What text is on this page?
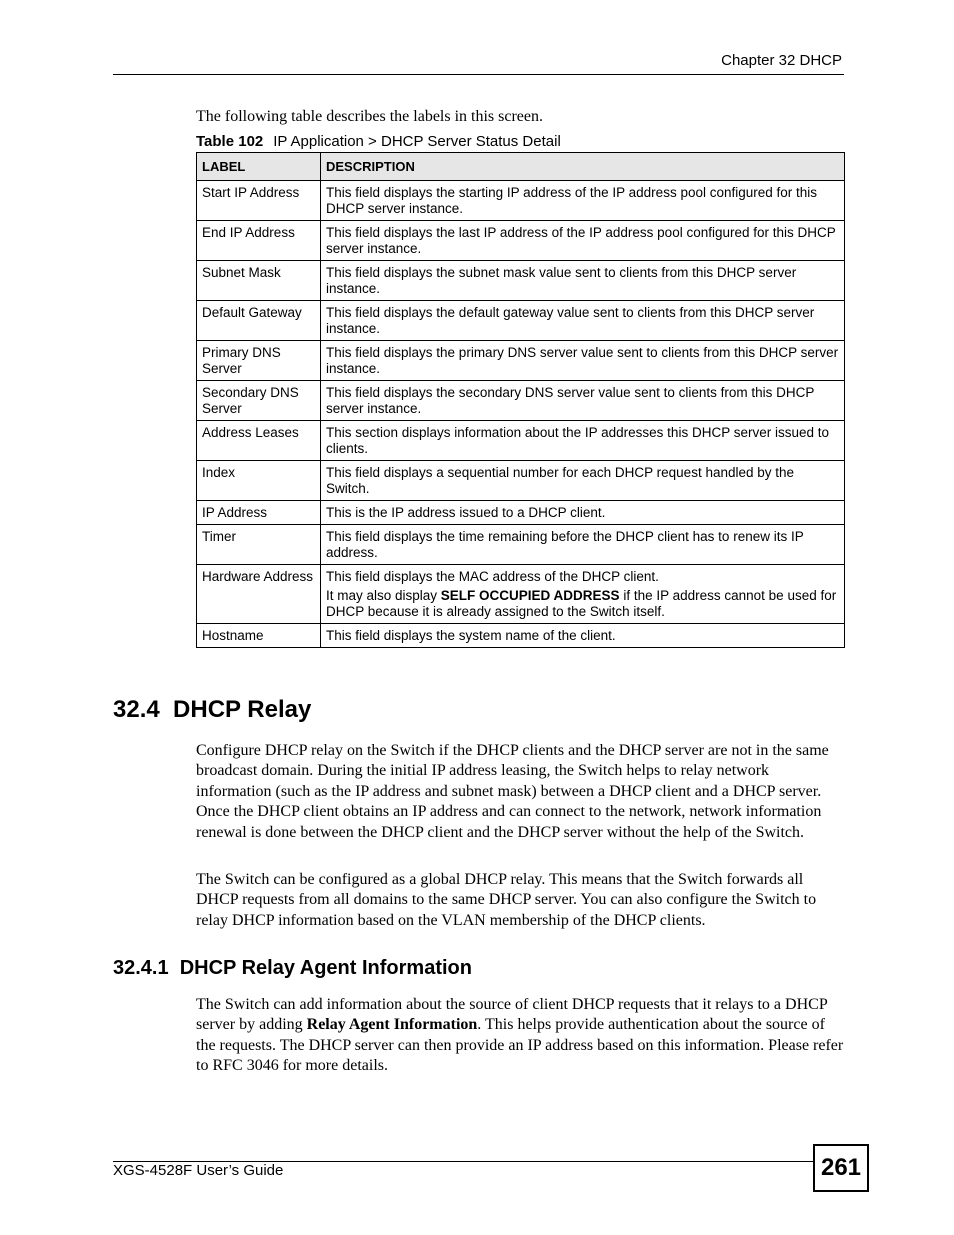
Chapter 32 DHCP
The following table describes the labels in this screen.
Table 102 IP Application > DHCP Server Status Detail
LABEL	DESCRIPTION
Start IP Address	This field displays the starting IP address of the IP address pool configured for this DHCP server instance.

End IP Address	This field displays the last IP address of the IP address pool configured for this DHCP server instance.

Subnet Mask	This field displays the subnet mask value sent to clients from this DHCP server instance.

Default Gateway	This field displays the default gateway value sent to clients from this DHCP server instance.

Primary DNS Server	This field displays the primary DNS server value sent to clients from this DHCP server instance.

Secondary DNS Server	This field displays the secondary DNS server value sent to clients from this DHCP server instance.

Address Leases	This section displays information about the IP addresses this DHCP server issued to clients.

Index	This field displays a sequential number for each DHCP request handled by the Switch.

IP Address	This is the IP address issued to a DHCP client.

Timer	This field displays the time remaining before the DHCP client has to renew its IP address.

Hardware Address	This field displays the MAC address of the DHCP client.

It may also display SELF OCCUPIED ADDRESS if the IP address cannot be used for DHCP because it is already assigned to the Switch itself.

Hostname	This field displays the system name of the client.

32.4  DHCP Relay

Configure DHCP relay on the Switch if the DHCP clients and the DHCP server are not in the same broadcast domain. During the initial IP address leasing, the Switch helps to relay network information (such as the IP address and subnet mask) between a DHCP client and a DHCP server. Once the DHCP client obtains an IP address and can connect to the network, network information renewal is done between the DHCP client and the DHCP server without the help of the Switch.

The Switch can be configured as a global DHCP relay. This means that the Switch forwards all DHCP requests from all domains to the same DHCP server. You can also configure the Switch to relay DHCP information based on the VLAN membership of the DHCP clients.

32.4.1  DHCP Relay Agent Information

The Switch can add information about the source of client DHCP requests that it relays to a DHCP server by adding Relay Agent Information. This helps provide authentication about the source of the requests. The DHCP server can then provide an IP address based on this information. Please refer to RFC 3046 for more details.

XGS-4528F User’s Guide	261
